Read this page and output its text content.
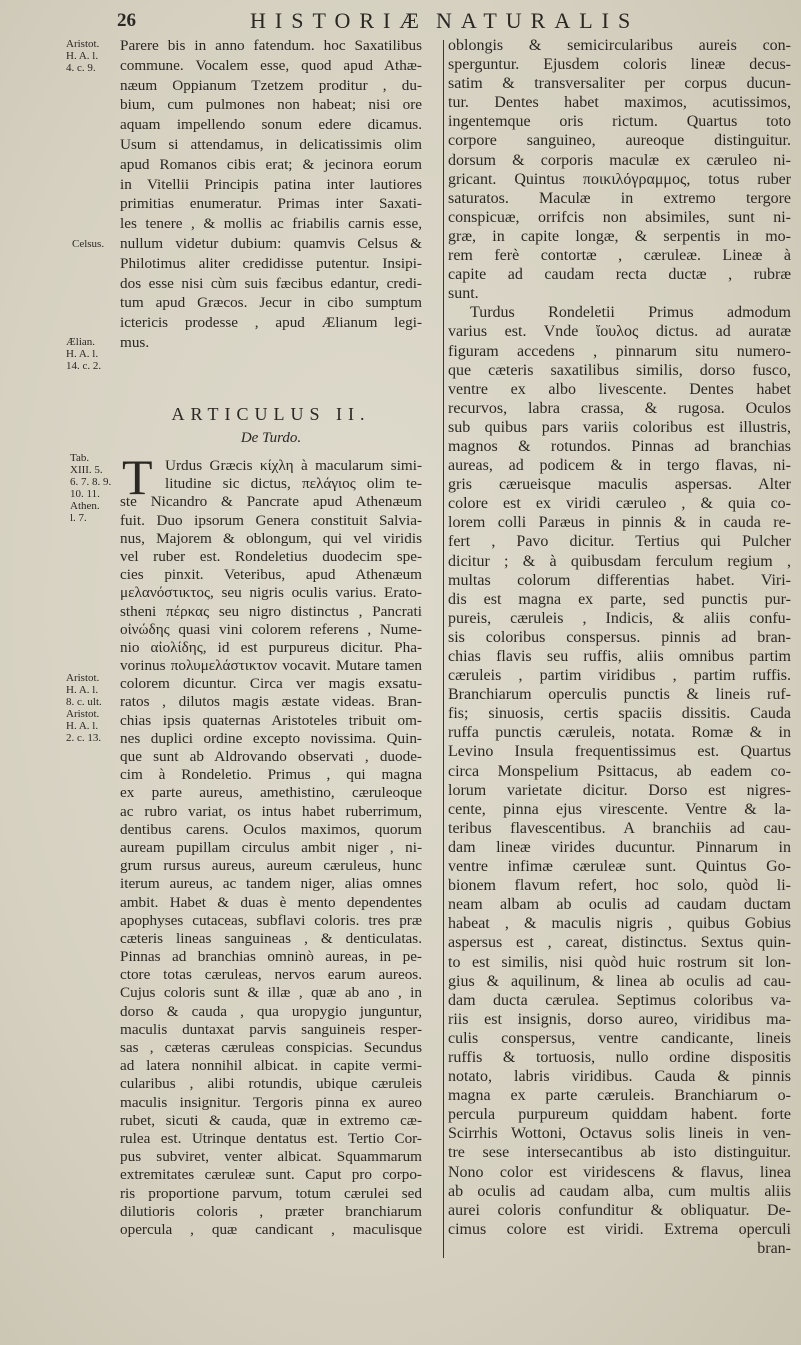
26	HISTORIÆ NATURALIS
Aristot.
H. A. l.
4. c. 9.
Celsus.
Ælian.
H. A. l.
14. c. 2.
Tab.
XIII. 5.
6. 7. 8. 9.
10. 11.
Athen.
l. 7.
Aristot.
H. A. l.
8. c. ult.
Aristot.
H. A. l.
2. c. 13.
Parere bis in anno fatendum. hoc Saxatilibus
commune. Vocalem esse, quod apud Athæ-
næum Oppianum Tzetzem proditur , du-
bium, cum pulmones non habeat; nisi ore
aquam impellendo sonum edere dicamus.
Usum si attendamus, in delicatissimis olim
apud Romanos cibis erat; & jecinora eorum
in Vitellii Principis patina inter lautiores
primitias enumeratur. Primas inter Saxati-
les tenere , & mollis ac friabilis carnis esse,
nullum videtur dubium: quamvis Celsus &
Philotimus aliter credidisse putentur. Insipi-
dos esse nisi cùm suis fæcibus edantur, credi-
tum apud Græcos. Jecur in cibo sumptum
ictericis prodesse , apud Ælianum legi-
mus.
ARTICULUS II.
De Turdo.
T Urdus Græcis κίχλη à macularum simi-
litudine sic dictus, πελάγιος olim te-
ste Nicandro & Pancrate apud Athenæum
fuit. Duo ipsorum Genera constituit Salvia-
nus, Majorem & oblongum, qui vel viridis
vel ruber est. Rondeletius duodecim spe-
cies pinxit. Veteribus, apud Athenæum
μελανόστικτος, seu nigris oculis varius. Erato-
stheni πέρκας seu nigro distinctus , Pancrati
οἰνώδης quasi vini colorem referens , Nume-
nio αἰολίδης, id est purpureus dicitur. Pha-
vorinus πολυμελάστικτον vocavit. Mutare tamen
colorem dicuntur. Circa ver magis exsatu-
ratos , dilutos magis æstate videas. Bran-
chias ipsis quaternas Aristoteles tribuit om-
nes duplici ordine excepto novissima. Quin-
que sunt ab Aldrovando observati , duode-
cim à Rondeletio. Primus , qui magna
ex parte aureus, amethistino, cæruleoque
ac rubro variat, os intus habet ruberrimum,
dentibus carens. Oculos maximos, quorum
auream pupillam circulus ambit niger , ni-
grum rursus aureus, aureum cæruleus, hunc
iterum aureus, ac tandem niger, alias omnes
ambit. Habet & duas è mento dependentes
apophyses cutaceas, subflavi coloris. tres præ
cæteris lineas sanguineas , & denticulatas.
Pinnas ad branchias omninò aureas, in pe-
ctore totas cæruleas, nervos earum aureos.
Cujus coloris sunt & illæ , quæ ab ano , in
dorso & cauda , qua uropygio junguntur,
maculis duntaxat parvis sanguineis resper-
sas , cæteras cæruleas conspicias. Secundus
ad latera nonnihil albicat. in capite vermi-
cularibus , alibi rotundis, ubique cæruleis
maculis insignitur. Tergoris pinna ex aureo
rubet, sicuti & cauda, quæ in extremo cæ-
rulea est. Utrinque dentatus est. Tertio Cor-
pus subviret, venter albicat. Squammarum
extremitates cæruleæ sunt. Caput pro corpo-
ris proportione parvum, totum cærulei sed
dilutioris coloris , præter branchiarum
opercula , quæ candicant , maculisque
oblongis & semicircularibus aureis con-
sperguntur. Ejusdem coloris lineæ decus-
satim & transversaliter per corpus ducun-
tur. Dentes habet maximos, acutissimos,
ingentemque oris rictum. Quartus toto
corpore sanguineo, aureoque distinguitur.
dorsum & corporis maculæ ex cæruleo ni-
gricant. Quintus ποικιλόγραμμος, totus ruber
saturatos. Maculæ in extremo tergore
conspicuæ, orrifcis non absimiles, sunt ni-
græ, in capite longæ, & serpentis in mo-
rem ferè contortæ , cæruleæ. Lineæ à
capite ad caudam recta ductæ , rubræ
sunt.
Turdus Rondeletii Primus admodum
varius est. Vnde ἴουλος dictus. ad auratæ
figuram accedens , pinnarum situ numero-
que cæteris saxatilibus similis, dorso fusco,
ventre ex albo livescente. Dentes habet
recurvos, labra crassa, & rugosa. Oculos
sub quibus pars variis coloribus est illustris,
magnos & rotundos. Pinnas ad branchias
aureas, ad podicem & in tergo flavas, ni-
gris cærueisque maculis aspersas. Alter
colore est ex viridi cæruleo , & quia co-
lorem colli Paræus in pinnis & in cauda re-
fert , Pavo dicitur. Tertius qui Pulcher
dicitur ; & à quibusdam ferculum regium ,
multas colorum differentias habet. Viri-
dis est magna ex parte, sed punctis pur-
pureis, cæruleis , Indicis, & aliis confu-
sis coloribus conspersus. pinnis ad bran-
chias flavis seu ruffis, aliis omnibus partim
cæruleis , partim viridibus , partim ruffis.
Branchiarum operculis punctis & lineis ruf-
fis; sinuosis, certis spaciis dissitis. Cauda
ruffa punctis cæruleis, notata. Romæ & in
Levino Insula frequentissimus est. Quartus
circa Monspelium Psittacus, ab eadem co-
lorum varietate dicitur. Dorso est nigres-
cente, pinna ejus virescente. Ventre & la-
teribus flavescentibus. A branchiis ad cau-
dam lineæ virides ducuntur. Pinnarum in
ventre infimæ cæruleæ sunt. Quintus Go-
bionem flavum refert, hoc solo, quòd li-
neam albam ab oculis ad caudam ductam
habeat , & maculis nigris , quibus Gobius
aspersus est , careat, distinctus. Sextus quin-
to est similis, nisi quòd huic rostrum sit lon-
gius & aquilinum, & linea ab oculis ad cau-
dam ducta cærulea. Septimus coloribus va-
riis est insignis, dorso aureo, viridibus ma-
culis conspersus, ventre candicante, lineis
ruffis & tortuosis, nullo ordine dispositis
notato, labris viridibus. Cauda & pinnis
magna ex parte cæruleis. Branchiarum o-
percula purpureum quiddam habent. forte
Scirrhis Wottoni, Octavus solis lineis in ven-
tre sese intersecantibus ab isto distinguitur.
Nono color est viridescens & flavus, linea
ab oculis ad caudam alba, cum multis aliis
aurei coloris confunditur & obliquatur. De-
cimus colore est viridi. Extrema operculi
bran-
